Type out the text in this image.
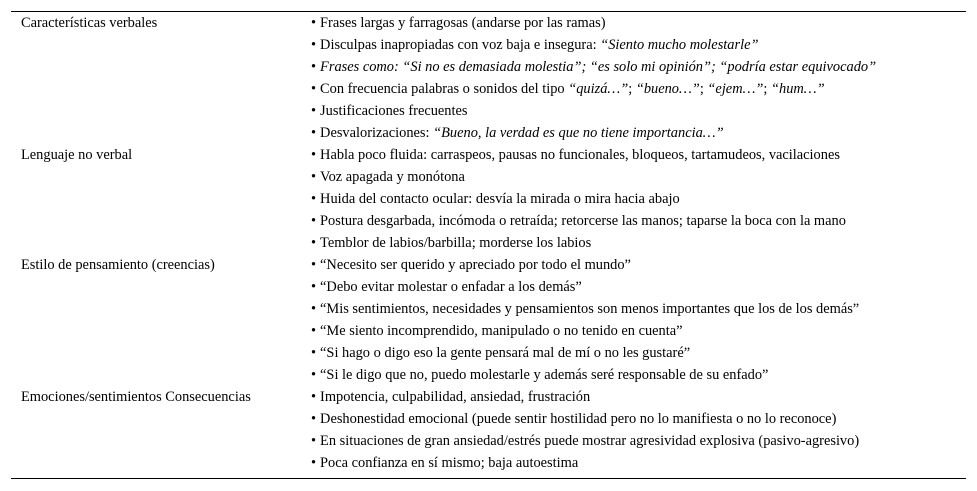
Características verbales	• Frases largas y farragosas (andarse por las ramas)
• Disculpas inapropiadas con voz baja e insegura: “Siento mucho molestarle”
• Frases como: “Si no es demasiada molestia”; “es solo mi opinión”; “podría estar equivocado”
• Con frecuencia palabras o sonidos del tipo “quizá…”; “bueno…”; “ejem…”; “hum…”
• Justificaciones frecuentes
• Desvalorizaciones: “Bueno, la verdad es que no tiene importancia…”
Lenguaje no verbal	• Habla poco fluida: carraspeos, pausas no funcionales, bloqueos, tartamudeos, vacilaciones
• Voz apagada y monótona
• Huida del contacto ocular: desvía la mirada o mira hacia abajo
• Postura desgarbada, incómoda o retraída; retorcerse las manos; taparse la boca con la mano
• Temblor de labios/barbilla; morderse los labios
Estilo de pensamiento (creencias)	• “Necesito ser querido y apreciado por todo el mundo”
• “Debo evitar molestar o enfadar a los demás”
• “Mis sentimientos, necesidades y pensamientos son menos importantes que los de los demás”
• “Me siento incomprendido, manipulado o no tenido en cuenta”
• “Si hago o digo eso la gente pensará mal de mí o no les gustaré”
• “Si le digo que no, puedo molestarle y además seré responsable de su enfado”
Emociones/sentimientos Consecuencias	• Impotencia, culpabilidad, ansiedad, frustración
• Deshonestidad emocional (puede sentir hostilidad pero no lo manifiesta o no lo reconoce)
• En situaciones de gran ansiedad/estrés puede mostrar agresividad explosiva (pasivo-agresivo)
• Poca confianza en sí mismo; baja autoestima
